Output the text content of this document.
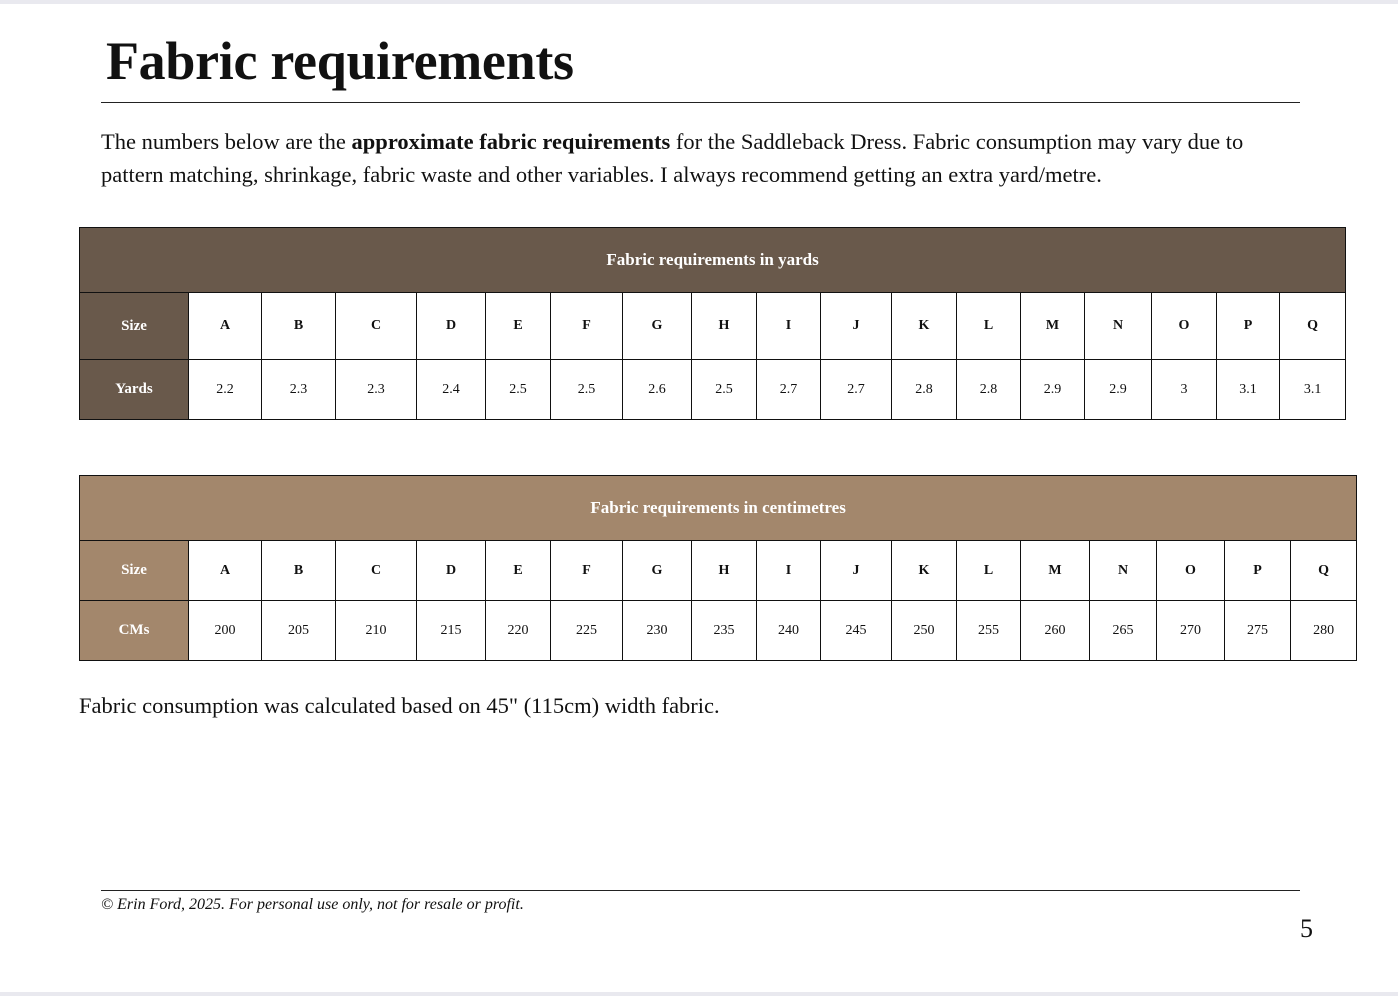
Fabric requirements

The numbers below are the approximate fabric requirements for the Saddleback Dress. Fabric consumption may vary due to pattern matching, shrinkage, fabric waste and other variables. I always recommend getting an extra yard/metre.

Fabric requirements in yards																	
Size	A	B	C	D	E	F	G	H	I	J	K	L	M	N	O	P	Q
Yards	2.2	2.3	2.3	2.4	2.5	2.5	2.6	2.5	2.7	2.7	2.8	2.8	2.9	2.9	3	3.1	3.1
Fabric requirements in centimetres																	
Size	A	B	C	D	E	F	G	H	I	J	K	L	M	N	O	P	Q
CMs	200	205	210	215	220	225	230	235	240	245	250	255	260	265	270	275	280

Fabric consumption was calculated based on 45" (115cm) width fabric.

© Erin Ford, 2025. For personal use only, not for resale or profit.

5
